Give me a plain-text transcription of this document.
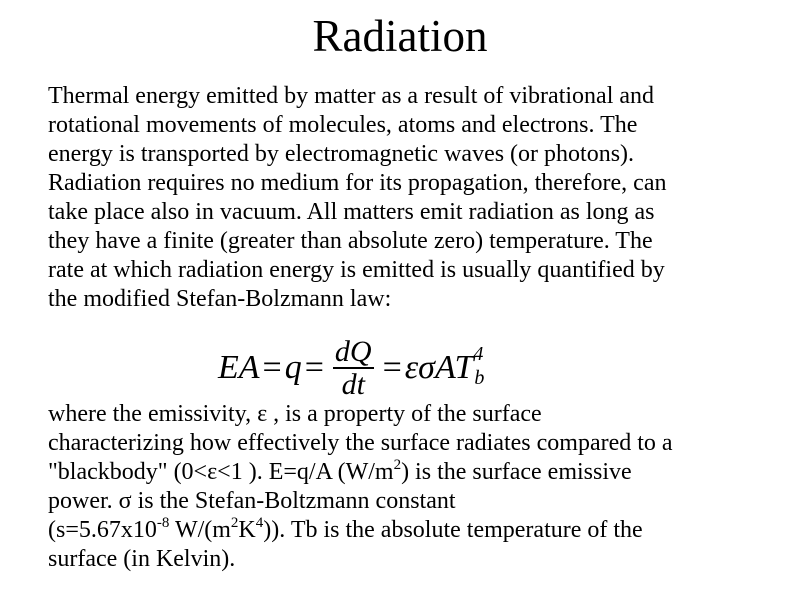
Radiation
Thermal energy emitted by matter as a result of vibrational and
rotational movements of molecules, atoms and electrons. The
energy is transported by electromagnetic waves (or photons).
Radiation requires no medium for its propagation, therefore, can
take place also in vacuum. All matters emit radiation as long as
they have a finite (greater than absolute zero) temperature. The
rate at which radiation energy is emitted is usually quantified by
the modified Stefan-Bolzmann law:
EA = $q = \frac{dQ}{dt} = \varepsilon\sigma AT$ b
4
where the emissivity, ε , is a property of the surface
characterizing how effectively the surface radiates compared to a
"blackbody" (0<ε<1 ). E=q/A $(W/m^2)$ is the surface emissive
power. σ is the Stefan-Boltzmann constant
($s=5.67x10^{-8}$ $W/(m^2K^4)$). Tb is the absolute temperature of the
surface (in Kelvin).
